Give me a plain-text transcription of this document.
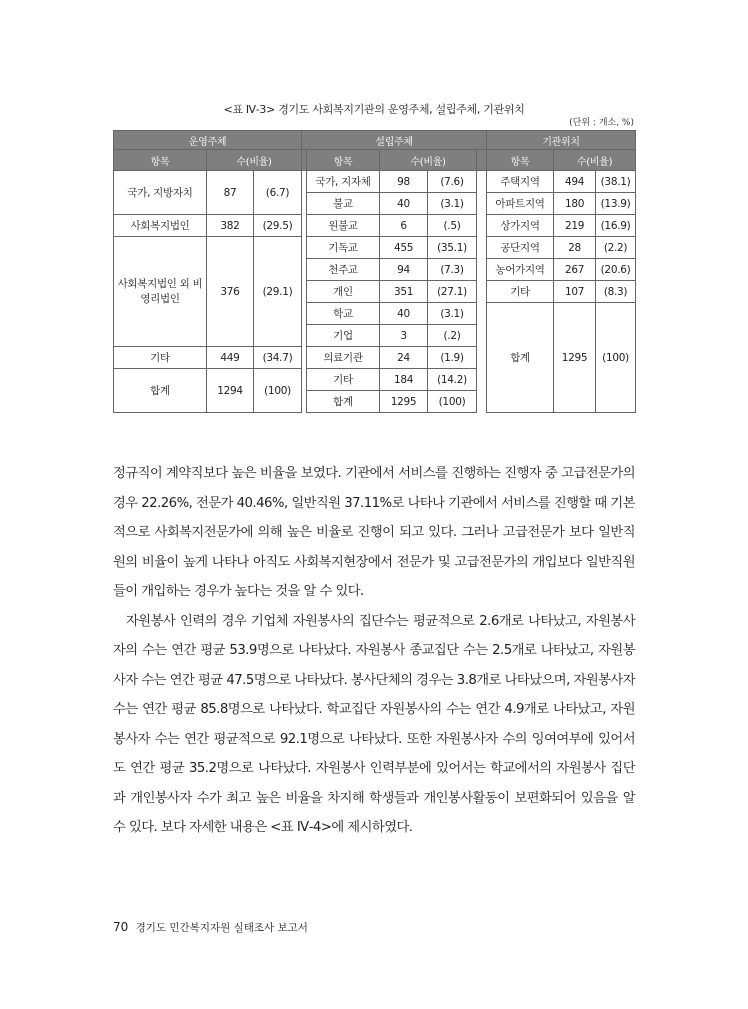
<표 Ⅳ-3> 경기도 사회복지기관의 운영주체, 설립주체, 기관위치
(단위 : 개소, %)
운영주체			설립주체					기관위치		
항목	수(비율)			항목	수(비율)			항목	수(비율)	
국가, 지방자치	87	(6.7)		국가, 지자체	98	(7.6)		주택지역	494	(38.1)
				불교	40	(3.1)		아파트지역	180	(13.9)
사회복지법인	382	(29.5)		원불교	6	(.5)		상가지역	219	(16.9)
사회복지법인 외 비영리법인	376	(29.1)		기독교	455	(35.1)		공단지역	28	(2.2)
				천주교	94	(7.3)		농어가지역	267	(20.6)
				개인	351	(27.1)		기타	107	(8.3)
				학교	40	(3.1)		합계	1295	(100)
				기업	3	(.2)				
기타	449	(34.7)		의료기관	24	(1.9)				
합계	1294	(100)		기타	184	(14.2)				
				합계	1295	(100)				

정규직이 계약직보다 높은 비율을 보였다. 기관에서 서비스를 진행하는 진행자 중 고급전문가의 경우 22.26%, 전문가 40.46%, 일반직원 37.11%로 나타나 기관에서 서비스를 진행할 때 기본적으로 사회복지전문가에 의해 높은 비율로 진행이 되고 있다. 그러나 고급전문가 보다 일반직원의 비율이 높게 나타나 아직도 사회복지현장에서 전문가 및 고급전문가의 개입보다 일반직원들이 개입하는 경우가 높다는 것을 알 수 있다.

자원봉사 인력의 경우 기업체 자원봉사의 집단수는 평균적으로 2.6개로 나타났고, 자원봉사자의 수는 연간 평균 53.9명으로 나타났다. 자원봉사 종교집단 수는 2.5개로 나타났고, 자원봉사자 수는 연간 평균 47.5명으로 나타났다. 봉사단체의 경우는 3.8개로 나타났으며, 자원봉사자 수는 연간 평균 85.8명으로 나타났다. 학교집단 자원봉사의 수는 연간 4.9개로 나타났고, 자원봉사자 수는 연간 평균적으로 92.1명으로 나타났다. 또한 자원봉사자 수의 잉여여부에 있어서도 연간 평균 35.2명으로 나타났다. 자원봉사 인력부분에 있어서는 학교에서의 자원봉사 집단과 개인봉사자 수가 최고 높은 비율을 차지해 학생들과 개인봉사활동이 보편화되어 있음을 알 수 있다. 보다 자세한 내용은 <표 Ⅳ-4>에 제시하였다.

70 경기도 민간복지자원 실태조사 보고서
